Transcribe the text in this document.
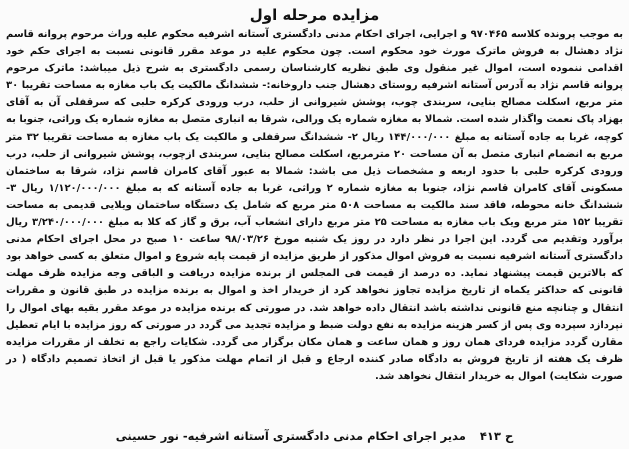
مزایده مرحله اول

به موجب پرونده کلاسه ۹۷۰۴۶۵ و اجرایی، اجرای احکام مدنی دادگستری آستانه اشرفیه محکوم علیه وراث مرحوم پروانه قاسم نژاد دهشال به فروش ماترک مورث خود محکوم است. چون محکوم علیه در موعد مقرر قانونی نسبت به اجرای حکم خود اقدامی ننموده است، اموال غیر منقول وی طبق نظریه کارشناسان رسمی دادگستری به شرح ذیل میباشد: ماترک مرحوم پروانه قاسم نژاد به آدرس آستانه اشرفیه روستای دهشال جنب داروخانه:- ششدانگ مالکیت یک باب مغازه به مساحت تقریبا ۳۰ متر مربع، اسکلت مصالح بنایی، سربندی چوب، پوشش شیروانی از حلب، درب ورودی کرکره حلبی که سرقفلی آن به آقای بهزاد پاک نعمت واگذار شده است. شمالا به مغازه شماره یک ورالی، شرقا به انباری متصل به مغازه شماره یک وراثی، جنوبا به کوچه، غربا به جاده آستانه به مبلغ ۱۴۴/۰۰۰/۰۰۰ ریال ۲- ششدانگ سرقفلی و مالکیت یک باب مغازه به مساحت تقریبا ۳۲ متر مربع به انضمام انباری متصل به آن مساحت ۲۰ مترمربع، اسکلت مصالح بنایی، سربندی ازچوب، پوشش شیروانی از حلب، درب ورودی کرکره حلبی با حدود اربعه و مشخصات ذیل می باشد: شمالا به عبور آقای کامران قاسم نژاد، شرقا به ساختمان مسکونی آقای کامران قاسم نژاد، جنوبا به مغازه شماره ۲ وراثی، غربا به جاده آستانه که به مبلغ ۱/۱۲۰/۰۰۰/۰۰۰ ریال ۳- ششدانگ خانه محوطه، فاقد سند مالکیت به مساحت ۵۰۸ متر مربع که شامل یک دستگاه ساختمان ویلایی قدیمی به مساحت تقریبا ۱۵۲ متر مربع ویک باب مغازه به مساحت ۲۵ متر مربع دارای انشعاب آب، برق و گاز که کلا به مبلغ ۳/۲۴۰/۰۰۰/۰۰۰ ریال برآورد وتقدیم می گردد. این اجرا در نظر دارد در روز یک شنبه مورخ ۹۸/۰۳/۲۶ ساعت ۱۰ صبح در محل اجرای احکام مدنی دادگستری آستانه اشرفیه نسبت به فروش اموال مذکور از طریق مزایده از قیمت پایه شروع و اموال متعلق به کسی خواهد بود که بالاترین قیمت پیشنهاد نماید. ده درصد از قیمت فی المجلس از برنده مزایده دریافت و الباقی وجه مزایده ظرف مهلت قانونی که حداکثر یکماه از تاریخ مزایده تجاوز نخواهد کرد از خریدار اخذ و اموال به برنده مزایده در طبق قانون و مقررات انتقال و چنانچه منع قانونی نداشته باشد انتقال داده خواهد شد. در صورتی که برنده مزایده در موعد مقرر بقیه بهای اموال را نپردازد سپرده وی پس از کسر هزینه مزایده به نفع دولت ضبط و مزایده تجدید می گردد در صورتی که روز مزایده با ایام تعطیل مقارن گردد مزایده فردای همان روز و همان ساعت و همان مکان برگزار می گردد. شکایات راجع به تخلف از مقررات مزایده ظرف یک هفته از تاریخ فروش به دادگاه صادر کننده ارجاع و قبل از اتمام مهلت مذکور یا قبل از اتخاذ تصمیم دادگاه ( در صورت شکایت) اموال به خریدار انتقال نخواهد شد.

ح ۴۱۳ مدیر اجرای احکام مدنی دادگستری آستانه اشرفیه- نور حسینی
